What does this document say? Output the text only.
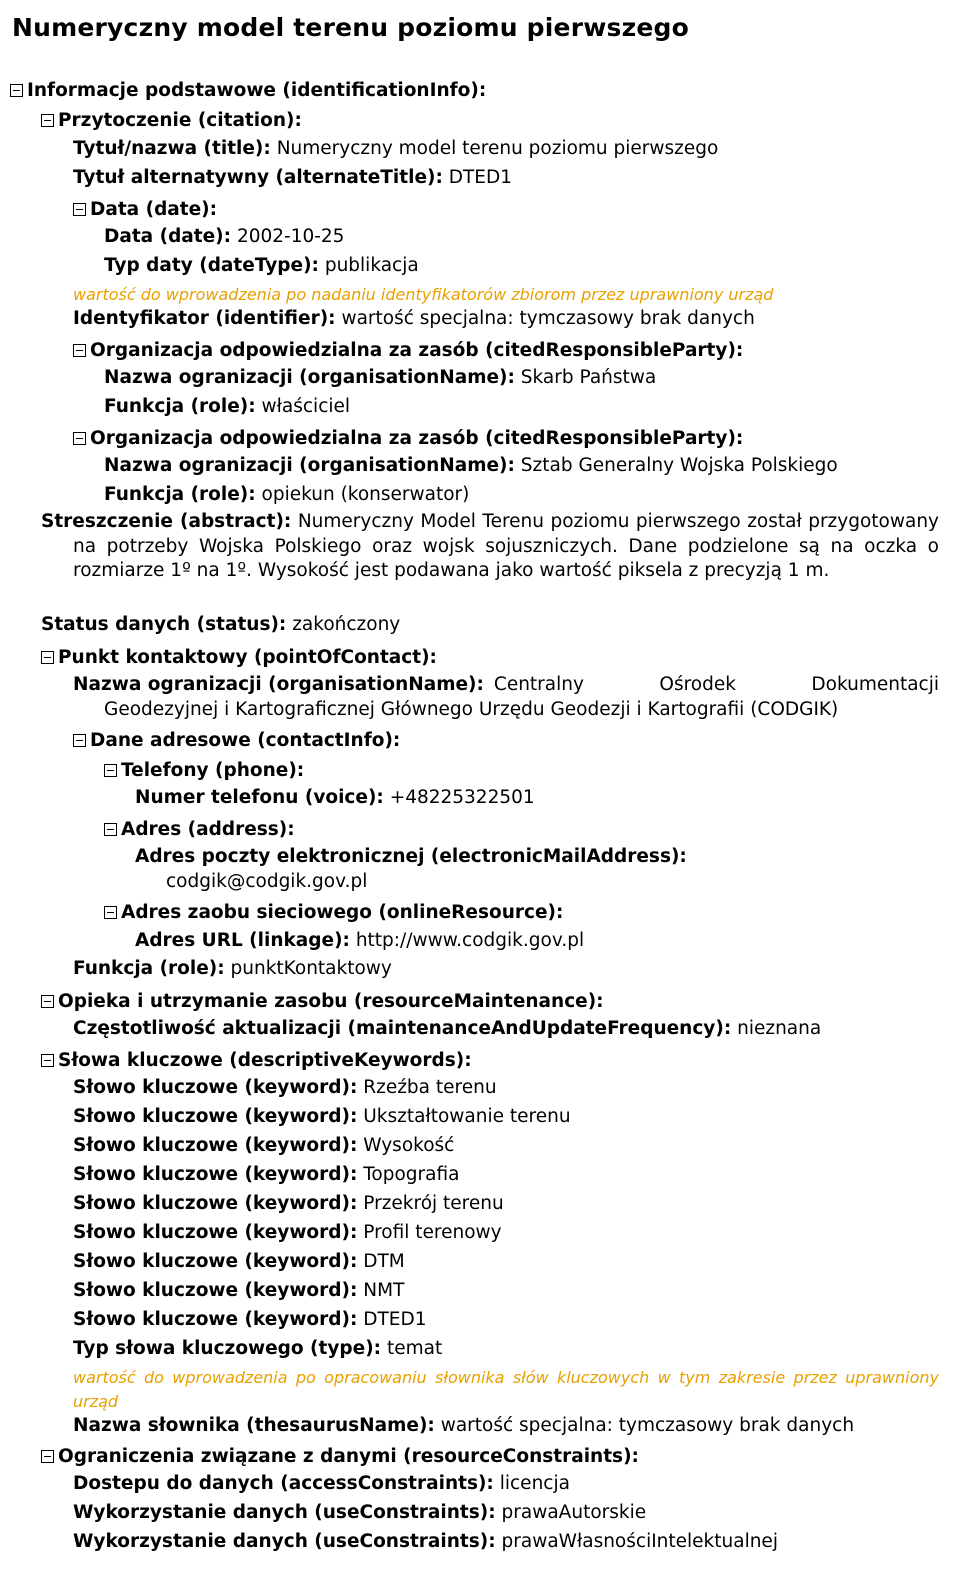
Numeryczny model terenu poziomu pierwszego
Informacje podstawowe (identificationInfo):
Przytoczenie (citation):
Tytuł/nazwa (title): Numeryczny model terenu poziomu pierwszego
Tytuł alternatywny (alternateTitle): DTED1
Data (date):
Data (date): 2002-10-25
Typ daty (dateType): publikacja
wartość do wprowadzenia po nadaniu identyfikatorów zbiorom przez uprawniony urząd
Identyfikator (identifier): wartość specjalna: tymczasowy brak danych
Organizacja odpowiedzialna za zasób (citedResponsibleParty):
Nazwa ogranizacji (organisationName): Skarb Państwa
Funkcja (role): właściciel
Organizacja odpowiedzialna za zasób (citedResponsibleParty):
Nazwa ogranizacji (organisationName): Sztab Generalny Wojska Polskiego
Funkcja (role): opiekun (konserwator)
Streszczenie (abstract): Numeryczny Model Terenu poziomu pierwszego został przygotowany na potrzeby Wojska Polskiego oraz wojsk sojuszniczych. Dane podzielone są na oczka o rozmiarze 1º na 1º. Wysokość jest podawana jako wartość piksela z precyzją 1 m.
Status danych (status): zakończony
Punkt kontaktowy (pointOfContact):
Nazwa ogranizacji (organisationName): Centralny Ośrodek Dokumentacji
Geodezyjnej i Kartograficznej Głównego Urzędu Geodezji i Kartografii (CODGIK)
Dane adresowe (contactInfo):
Telefony (phone):
Numer telefonu (voice): +48225322501
Adres (address):
Adres poczty elektronicznej (electronicMailAddress):
codgik@codgik.gov.pl
Adres zaobu sieciowego (onlineResource):
Adres URL (linkage): http://www.codgik.gov.pl
Funkcja (role): punktKontaktowy
Opieka i utrzymanie zasobu (resourceMaintenance):
Częstotliwość aktualizacji (maintenanceAndUpdateFrequency): nieznana
Słowa kluczowe (descriptiveKeywords):
Słowo kluczowe (keyword): Rzeźba terenu
Słowo kluczowe (keyword): Ukształtowanie terenu
Słowo kluczowe (keyword): Wysokość
Słowo kluczowe (keyword): Topografia
Słowo kluczowe (keyword): Przekrój terenu
Słowo kluczowe (keyword): Profil terenowy
Słowo kluczowe (keyword): DTM
Słowo kluczowe (keyword): NMT
Słowo kluczowe (keyword): DTED1
Typ słowa kluczowego (type): temat
wartość do wprowadzenia po opracowaniu słownika słów kluczowych w tym zakresie przez uprawniony urząd
Nazwa słownika (thesaurusName): wartość specjalna: tymczasowy brak danych
Ograniczenia związane z danymi (resourceConstraints):
Dostepu do danych (accessConstraints): licencja
Wykorzystanie danych (useConstraints): prawaAutorskie
Wykorzystanie danych (useConstraints): prawaWłasnościIntelektualnej
